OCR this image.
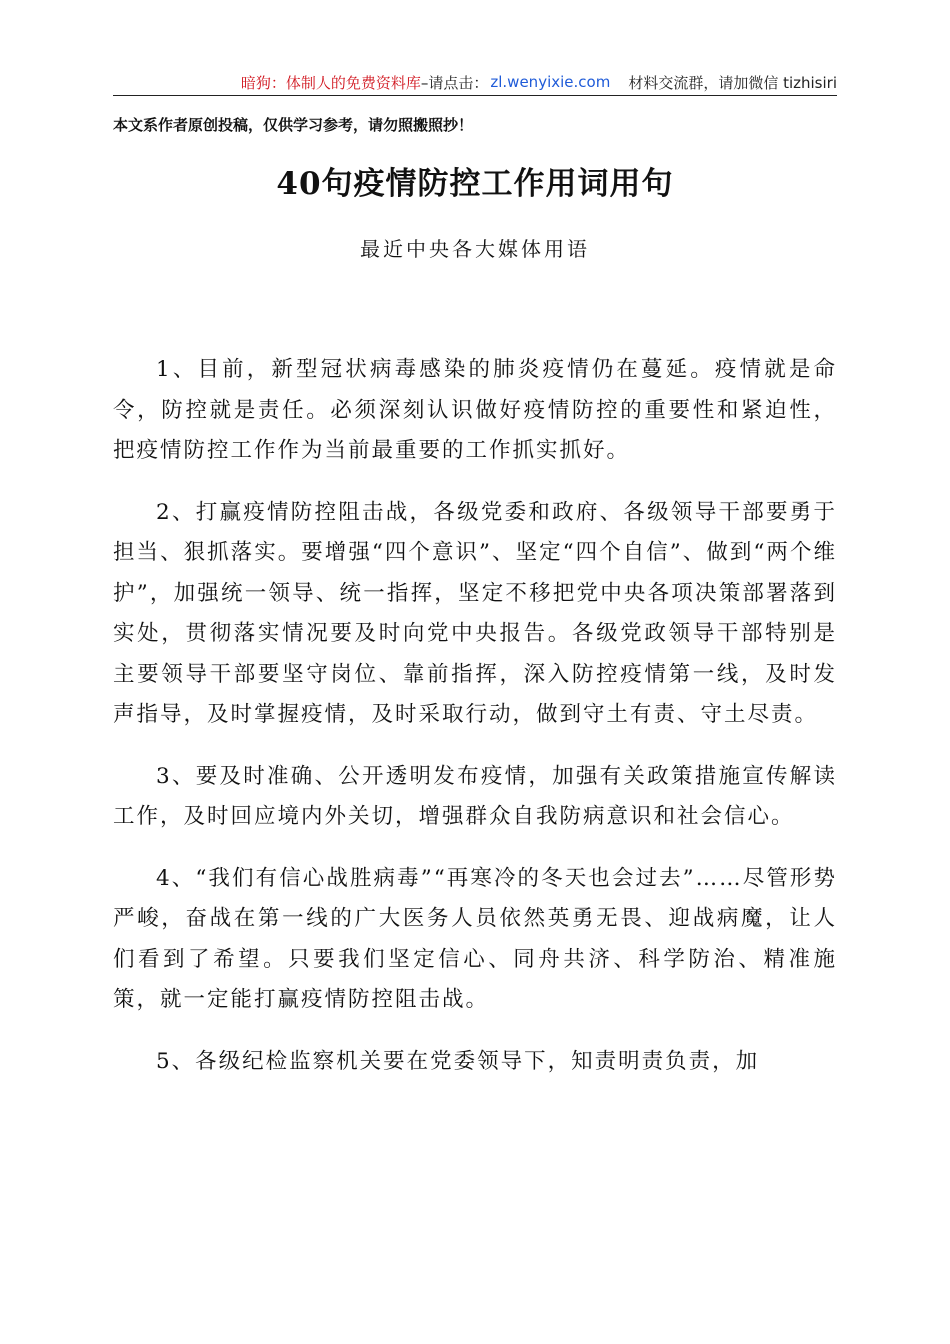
暗狗：体制人的免费资料库 –请点击： zl.wenyixie.com 材料交流群，请加微信 tizhisiri
本文系作者原创投稿，仅供学习参考，请勿照搬照抄！
40句疫情防控工作用词用句
最近中央各大媒体用语

1、目前，新型冠状病毒感染的肺炎疫情仍在蔓延。疫情就是命令，防控就是责任。必须深刻认识做好疫情防控的重要性和紧迫性，把疫情防控工作作为当前最重要的工作抓实抓好。

2、打赢疫情防控阻击战，各级党委和政府、各级领导干部要勇于担当、狠抓落实。要增强“四个意识”、坚定“四个自信”、做到“两个维护”，加强统一领导、统一指挥，坚定不移把党中央各项决策部署落到实处，贯彻落实情况要及时向党中央报告。各级党政领导干部特别是主要领导干部要坚守岗位、靠前指挥，深入防控疫情第一线，及时发声指导，及时掌握疫情，及时采取行动，做到守土有责、守土尽责。

3、要及时准确、公开透明发布疫情，加强有关政策措施宣传解读工作，及时回应境内外关切，增强群众自我防病意识和社会信心。

4、“我们有信心战胜病毒”“再寒冷的冬天也会过去”……尽管形势严峻，奋战在第一线的广大医务人员依然英勇无畏、迎战病魔，让人们看到了希望。只要我们坚定信心、同舟共济、科学防治、精准施策，就一定能打赢疫情防控阻击战。

5、各级纪检监察机关要在党委领导下，知责明责负责，加
